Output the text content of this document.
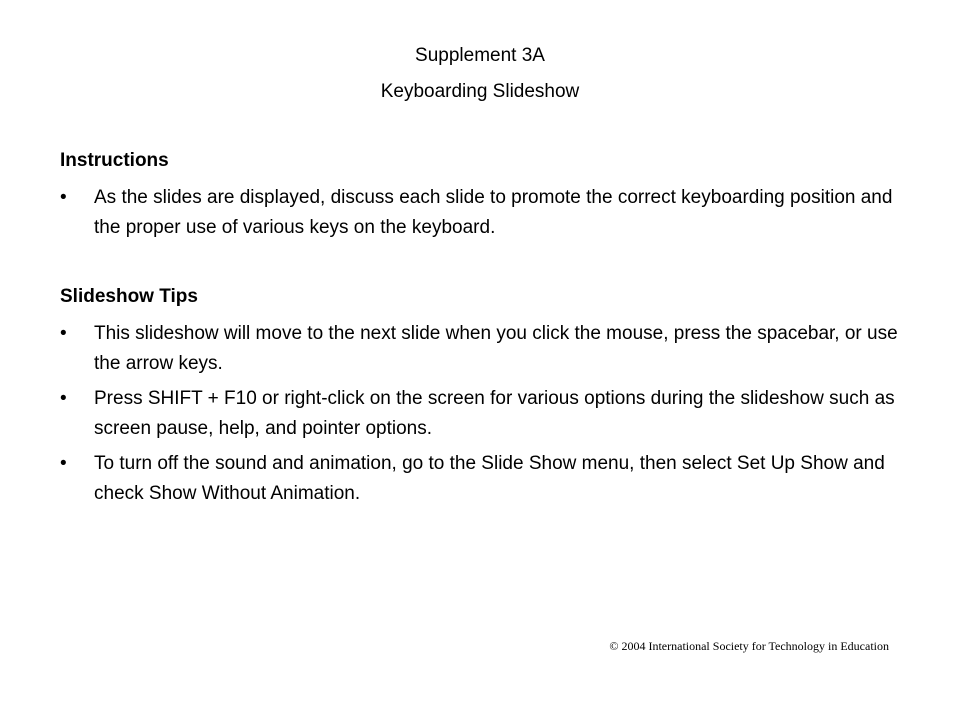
Supplement 3A
Keyboarding Slideshow

Instructions

• As the slides are displayed, discuss each slide to promote the correct keyboarding position and the proper use of various keys on the keyboard.

Slideshow Tips

• This slideshow will move to the next slide when you click the mouse, press the spacebar, or use the arrow keys.

• Press SHIFT + F10 or right-click on the screen for various options during the slideshow such as screen pause, help, and pointer options.

• To turn off the sound and animation, go to the Slide Show menu, then select Set Up Show and check Show Without Animation.

© 2004 International Society for Technology in Education
